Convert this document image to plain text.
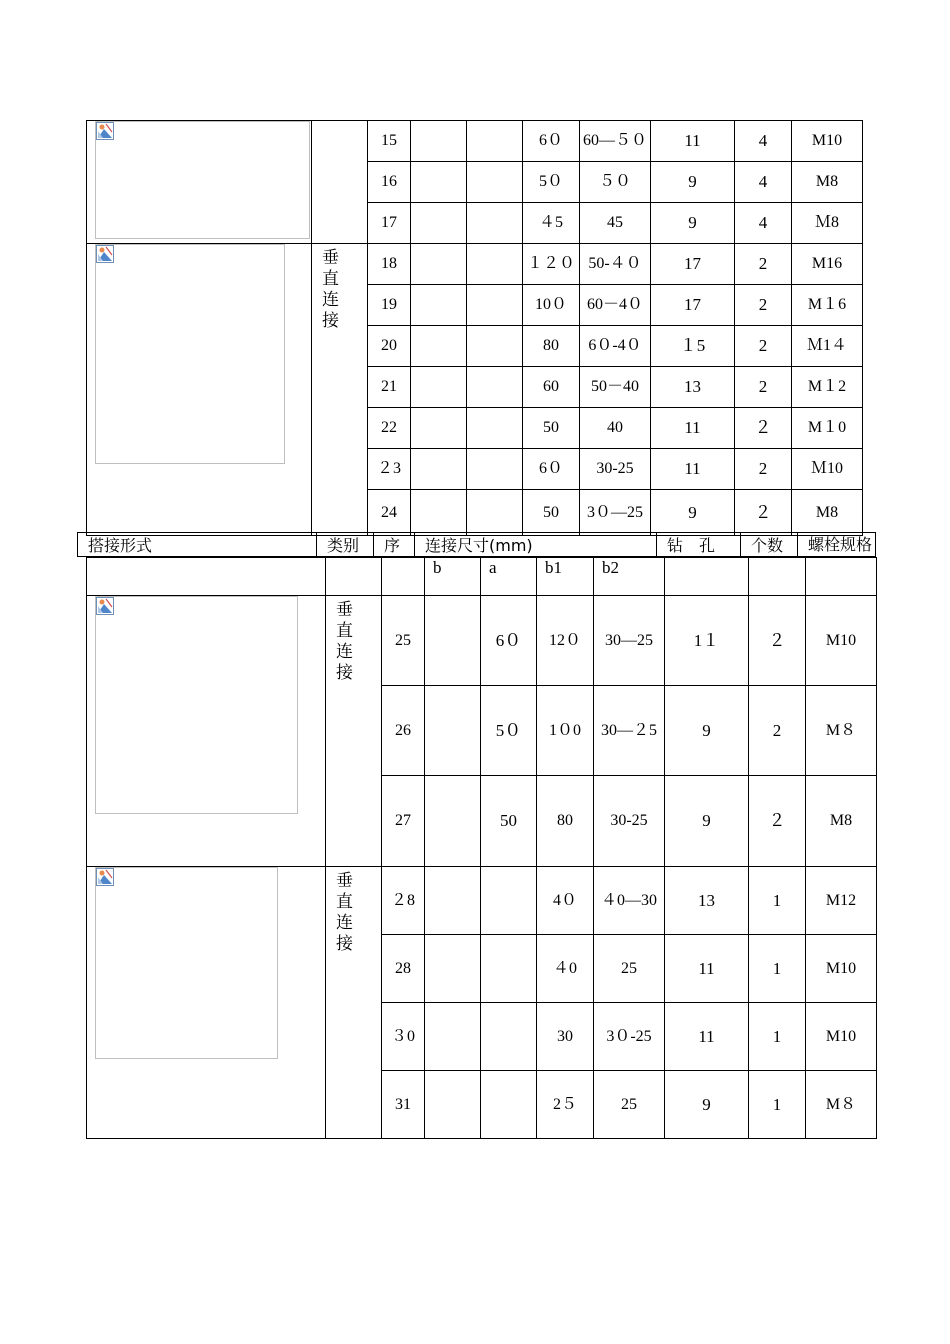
		15			6０	60—５０	11	4	M10
		16			5０	５０	9	4	M8
		17			４5	45	9	4	Ｍ8

垂直连接	18			１２０	50-４０	17	2	M16
		19			10０	60－4０	17	2	M１6
		20			80	6０-4０	１5	2	Ｍ1４
		21			60	50－40	13	2	M１2
		22			50	40	11	２	M１0
		２3			6０	30-25	11	2	Ｍ10
		24			50	3０—25	9	２	M8
搭接形式	类别	序	连接尺寸(mm)	钻　孔	个数	螺栓规格
			b	a	b1	b2			

垂直连接	25		6０	12０	30—25	1１	２	M10
		26		5０	1０0	30—２5	9	2	M８
		27		50	80	30-25	9	２	M8

垂直连接	２8			4０	４0—30	13	1	M12
		28			４0	25	11	1	M10
		３0			30	3０-25	11	1	M10
		31			2５	25	9	1	M８
